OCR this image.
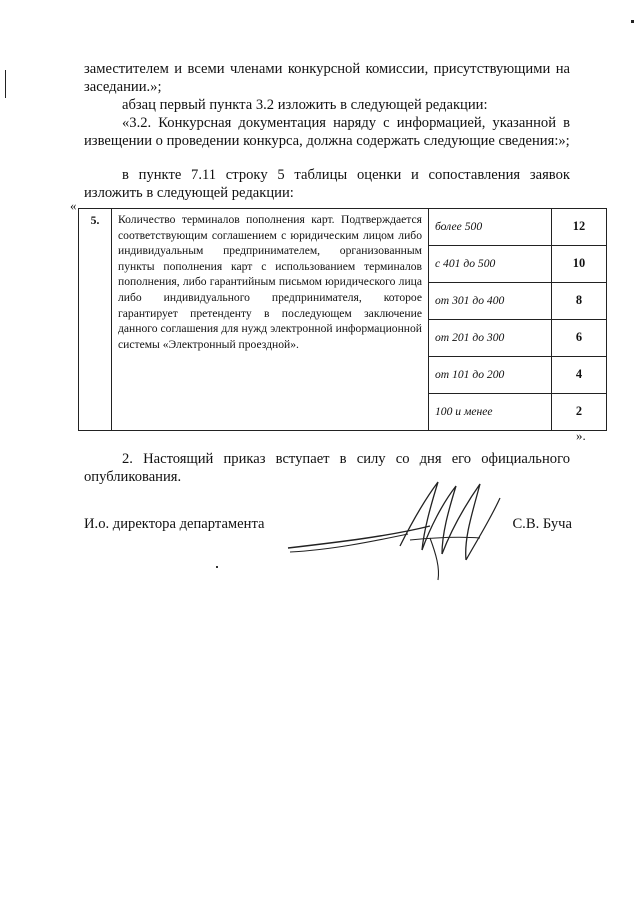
заместителем и всеми членами конкурсной комиссии, присутствующими на заседании.»;
абзац первый пункта 3.2 изложить в следующей редакции:
«3.2. Конкурсная документация наряду с информацией, указанной в извещении о проведении конкурса, должна содержать следующие сведения:»;
в пункте 7.11 строку 5 таблицы оценки и сопоставления заявок изложить в следующей редакции:
«
5.	Количество терминалов пополнения карт. Подтверждается соответствующим соглашением с юридическим лицом либо индивидуальным предпринимателем, организованным пункты пополнения карт с использованием терминалов пополнения, либо гарантийным письмом юридического лица либо индивидуального предпринимателя, которое гарантирует претенденту в последующем заключение данного соглашения для нужд электронной информационной системы «Электронный проездной».	более 500	12
		с 401 до 500	10
		от 301 до 400	8
		от 201 до 300	6
		от 101 до 200	4
		100 и менее	2
».
2. Настоящий приказ вступает в силу со дня его официального опубликования.
И.о. директора департамента	С.В. Буча
